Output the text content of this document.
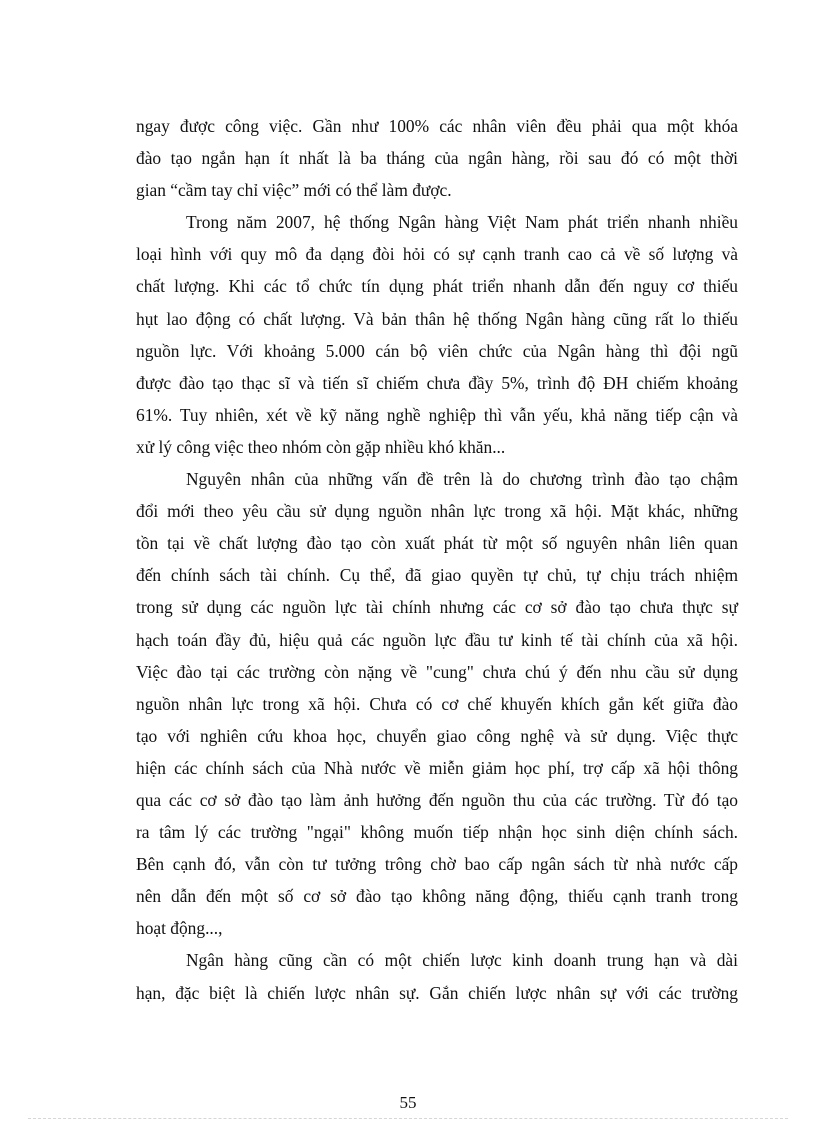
ngay được công việc. Gần như 100% các nhân viên đều phải qua một khóa
đào tạo ngắn hạn ít nhất là ba tháng của ngân hàng, rồi sau đó có một thời
gian “cầm tay chỉ việc” mới có thể làm được.
Trong năm 2007, hệ thống Ngân hàng Việt Nam phát triển nhanh nhiều
loại hình với quy mô đa dạng đòi hỏi có sự cạnh tranh cao cả về số lượng và
chất lượng. Khi các tổ chức tín dụng phát triển nhanh dẫn đến nguy cơ thiếu
hụt lao động có chất lượng. Và bản thân hệ thống Ngân hàng cũng rất lo thiếu
nguồn lực. Với khoảng 5.000 cán bộ viên chức của Ngân hàng thì đội ngũ
được đào tạo thạc sĩ và tiến sĩ chiếm chưa đầy 5%, trình độ ĐH chiếm khoảng
61%. Tuy nhiên, xét về kỹ năng nghề nghiệp thì vẫn yếu, khả năng tiếp cận và
xử lý công việc theo nhóm còn gặp nhiều khó khăn...
Nguyên nhân của những vấn đề trên là do chương trình đào tạo chậm
đổi mới theo yêu cầu sử dụng nguồn nhân lực trong xã hội. Mặt khác, những
tồn tại về chất lượng đào tạo còn xuất phát từ một số nguyên nhân liên quan
đến chính sách tài chính. Cụ thể, đã giao quyền tự chủ, tự chịu trách nhiệm
trong sử dụng các nguồn lực tài chính nhưng các cơ sở đào tạo chưa thực sự
hạch toán đầy đủ, hiệu quả các nguồn lực đầu tư kinh tế tài chính của xã hội.
Việc đào tại các trường còn nặng về "cung" chưa chú ý đến nhu cầu sử dụng
nguồn nhân lực trong xã hội. Chưa có cơ chế khuyến khích gắn kết giữa đào
tạo với nghiên cứu khoa học, chuyển giao công nghệ và sử dụng. Việc thực
hiện các chính sách của Nhà nước về miễn giảm học phí, trợ cấp xã hội thông
qua các cơ sở đào tạo làm ảnh hưởng đến nguồn thu của các trường. Từ đó tạo
ra tâm lý các trường "ngại" không muốn tiếp nhận học sinh diện chính sách.
Bên cạnh đó, vẫn còn tư tưởng trông chờ bao cấp ngân sách từ nhà nước cấp
nên dẫn đến một số cơ sở đào tạo không năng động, thiếu cạnh tranh trong
hoạt động...,
Ngân hàng cũng cần có một chiến lược kinh doanh trung hạn và dài
hạn, đặc biệt là chiến lược nhân sự. Gắn chiến lược nhân sự với các trường
55
